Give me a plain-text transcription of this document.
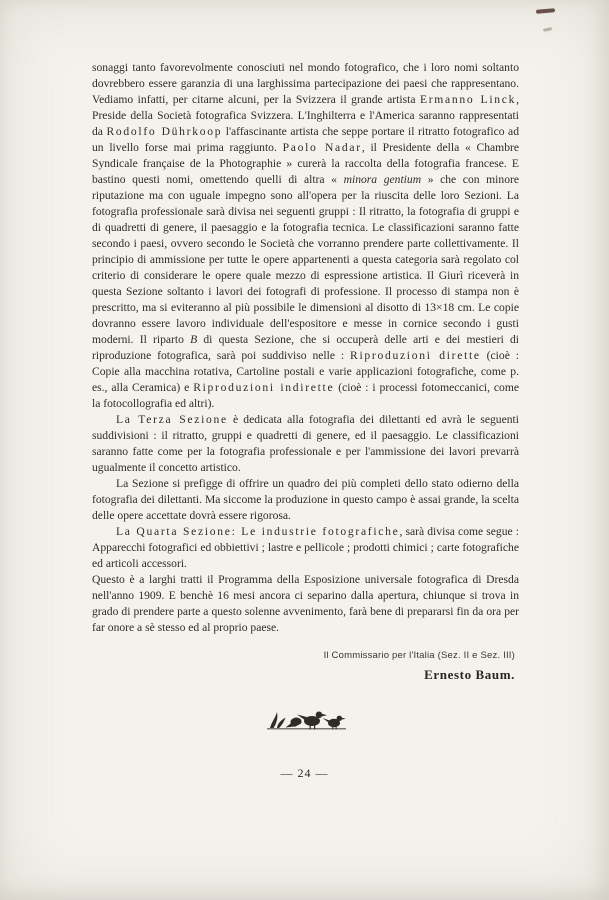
sonaggi tanto favorevolmente conosciuti nel mondo fotografico, che i loro nomi soltanto dovrebbero essere garanzia di una larghissima partecipazione dei paesi che rappresentano. Vediamo infatti, per citarne alcuni, per la Svizzera il grande artista Ermanno Linck, Preside della Società fotografica Svizzera. L'Inghilterra e l'America saranno rappresentati da Rodolfo Dührkoop l'affascinante artista che seppe portare il ritratto fotografico ad un livello forse mai prima raggiunto. Paolo Nadar, il Presidente della « Chambre Syndicale française de la Photographie » curerà la raccolta della fotografia francese. E bastino questi nomi, omettendo quelli di altra « minora gentium » che con minore riputazione ma con uguale impegno sono all'opera per la riuscita delle loro Sezioni. La fotografia professionale sarà divisa nei seguenti gruppi : Il ritratto, la fotografia di gruppi e di quadretti di genere, il paesaggio e la fotografia tecnica. Le classificazioni saranno fatte secondo i paesi, ovvero secondo le Società che vorranno prendere parte collettivamente. Il principio di ammissione per tutte le opere appartenenti a questa categoria sarà regolato col criterio di considerare le opere quale mezzo di espressione artistica. Il Giurì riceverà in questa Sezione soltanto i lavori dei fotografi di professione. Il processo di stampa non è prescritto, ma si eviteranno al più possibile le dimensioni al disotto di 13×18 cm. Le copie dovranno essere lavoro individuale dell'espositore e messe in cornice secondo i gusti moderni. Il riparto B di questa Sezione, che si occuperà delle arti e dei mestieri di riproduzione fotografica, sarà poi suddiviso nelle : Riproduzioni dirette (cioè : Copie alla macchina rotativa, Cartoline postali e varie applicazioni fotografiche, come p. es., alla Ceramica) e Riproduzioni indirette (cioè : i processi fotomeccanici, come la fotocollografia ed altri).

La Terza Sezione è dedicata alla fotografia dei dilettanti ed avrà le seguenti suddivisioni : il ritratto, gruppi e quadretti di genere, ed il paesaggio. Le classificazioni saranno fatte come per la fotografia professionale e per l'ammissione dei lavori prevarrà ugualmente il concetto artistico.

La Sezione si prefigge di offrire un quadro dei più completi dello stato odierno della fotografia dei dilettanti. Ma siccome la produzione in questo campo è assai grande, la scelta delle opere accettate dovrà essere rigorosa.

La Quarta Sezione: Le industrie fotografiche, sarà divisa come segue : Apparecchi fotografici ed obbiettivi ; lastre e pellicole ; prodotti chimici ; carte fotografiche ed articoli accessori.

Questo è a larghi tratti il Programma della Esposizione universale fotografica di Dresda nell'anno 1909. E benchè 16 mesi ancora ci separino dalla apertura, chiunque si trova in grado di prendere parte a questo solenne avvenimento, farà bene di prepararsi fin da ora per far onore a sè stesso ed al proprio paese.

Il Commissario per l'Italia (Sez. II e Sez. III)
Ernesto Baum.
— 24 —
